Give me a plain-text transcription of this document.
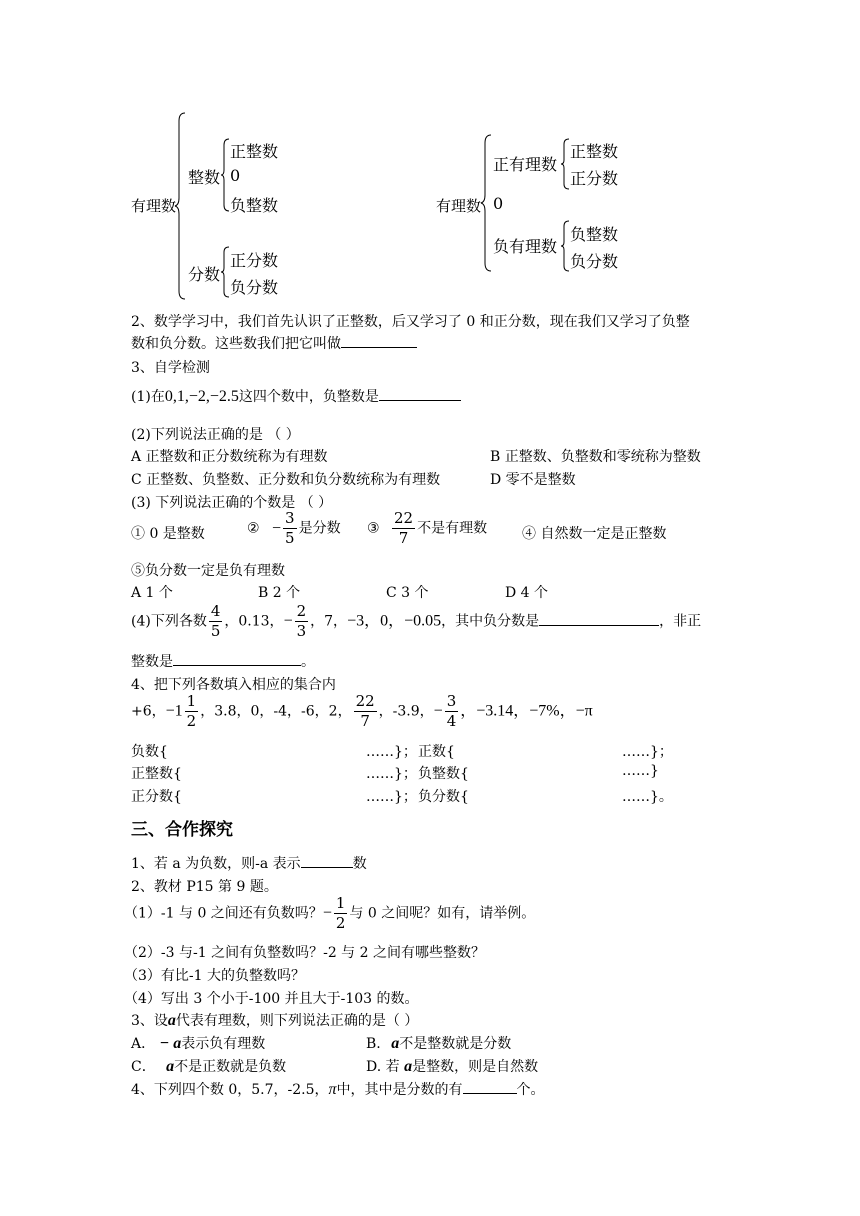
有理数
整数
正整数
0
负整数
分数
正分数
负分数
有理数
正有理数
正整数
正分数
0
负有理数
负整数
负分数
2、数学学习中，我们首先认识了正整数，后又学习了 0 和正分数，现在我们又学习了负整
数和负分数。这些数我们把它叫做
3、自学检测
(1)在0,1,−2,−2.5这四个数中，负整数是
(2)下列说法正确的是 （ ）
A 正整数和正分数统称为有理数	B 正整数、负整数和零统称为整数
C 正整数、负整数、正分数和负分数统称为有理数	D 零不是整数
(3) 下列说法正确的个数是 （ ）
① 0 是整数	② − $\frac{3}{5}$ 是分数 ③ $\frac{22}{7}$ 不是有理数 ④ 自然数一定是正整数
⑤负分数一定是负有理数
A 1 个	B 2 个	C 3 个	D 4 个
(4)下列各数 $\frac{4}{5}$ ，0.13，− $\frac{2}{3}$ ，7，−3，0，−0.05，其中负分数是	，非正
整数是	。
4、把下列各数填入相应的集合内
+6，$-1 \frac{1}{2}$ ，3.8，0，-4，-6，2， $\frac{22}{7}$ ，-3.9，− $\frac{3}{4}$ ，−3.14，−7%，−π
负数{	……}； 正数{	……}；
正整数{	……}； 负整数{	……}
正分数{	……}； 负分数{	……}。
三、合作探究
1、若 a 为负数，则-a 表示	数
2、教材 P15 第 9 题。
（1）-1 与 0 之间还有负数吗？− $\frac{1}{2}$ 与 0 之间呢？如有，请举例。
（2）-3 与-1 之间有负整数吗？-2 与 2 之间有哪些整数？
（3）有比-1 大的负整数吗？
（4）写出 3 个小于-100 并且大于-103 的数。
3、设a代表有理数，则下列说法正确的是（ ）
A． − a表示负有理数	B. a不是整数就是分数
C． a不是正数就是负数	D. 若 a是整数，则是自然数
4、下列四个数 0，5.7，-2.5，π中，其中是分数的有	个。
